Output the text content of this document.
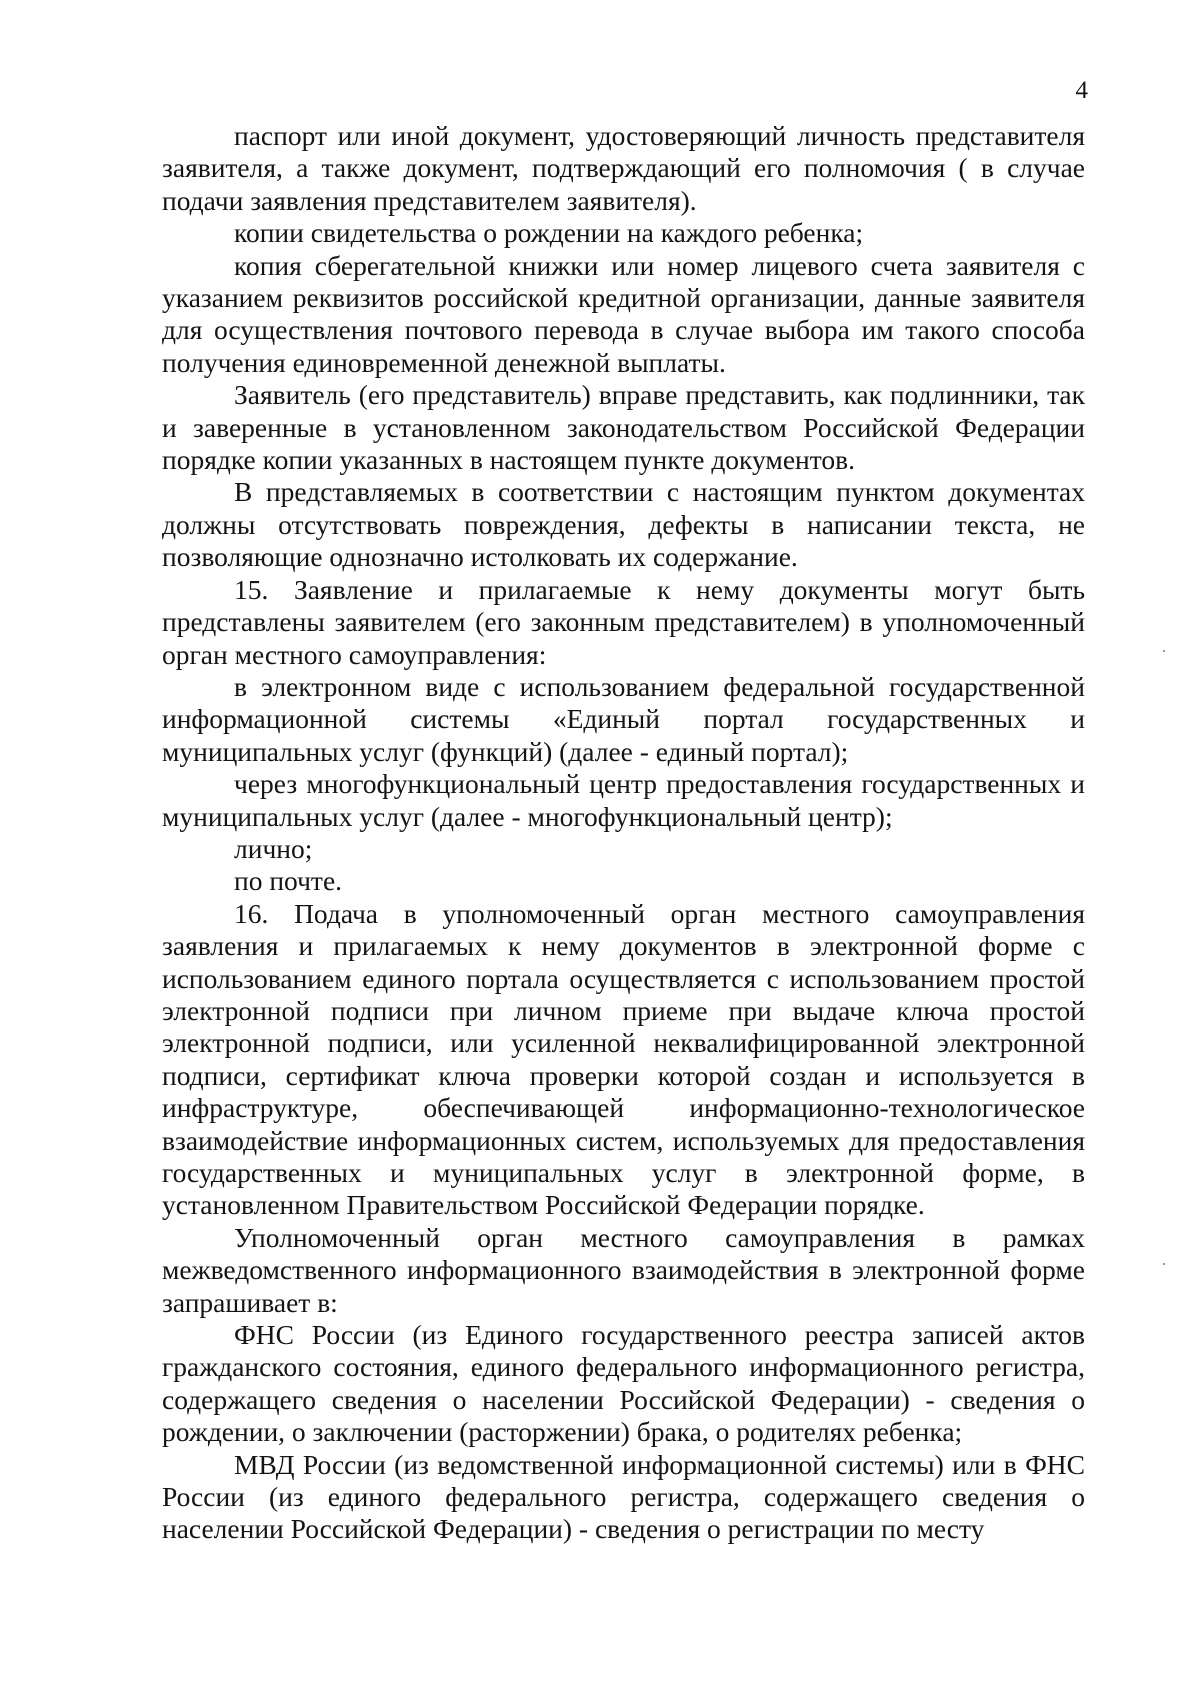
4

паспорт или иной документ, удостоверяющий личность представителя заявителя, а также документ, подтверждающий его полномочия ( в случае подачи заявления представителем заявителя).

копии свидетельства о рождении на каждого ребенка;

копия сберегательной книжки или номер лицевого счета заявителя с указанием реквизитов российской кредитной организации, данные заявителя для осуществления почтового перевода в случае выбора им такого способа получения единовременной денежной выплаты.

Заявитель (его представитель) вправе представить, как подлинники, так и заверенные в установленном законодательством Российской Федерации порядке копии указанных в настоящем пункте документов.

В представляемых в соответствии с настоящим пунктом документах должны отсутствовать повреждения, дефекты в написании текста, не позволяющие однозначно истолковать их содержание.

15. Заявление и прилагаемые к нему документы могут быть представлены заявителем (его законным представителем) в уполномоченный орган местного самоуправления:

в электронном виде с использованием федеральной государственной информационной системы «Единый портал государственных и муниципальных услуг (функций) (далее - единый портал);

через многофункциональный центр предоставления государственных и муниципальных услуг (далее - многофункциональный центр);

лично;

по почте.

16. Подача в уполномоченный орган местного самоуправления заявления и прилагаемых к нему документов в электронной форме с использованием единого портала осуществляется с использованием простой электронной подписи при личном приеме при выдаче ключа простой электронной подписи, или усиленной неквалифицированной электронной подписи, сертификат ключа проверки которой создан и используется в инфраструктуре, обеспечивающей информационно-технологическое взаимодействие информационных систем, используемых для предоставления государственных и муниципальных услуг в электронной форме, в установленном Правительством Российской Федерации порядке.

Уполномоченный орган местного самоуправления в рамках межведомственного информационного взаимодействия в электронной форме запрашивает в:

ФНС России (из Единого государственного реестра записей актов гражданского состояния, единого федерального информационного регистра, содержащего сведения о населении Российской Федерации) - сведения о рождении, о заключении (расторжении) брака, о родителях ребенка;

МВД России (из ведомственной информационной системы) или в ФНС России (из единого федерального регистра, содержащего сведения о населении Российской Федерации) - сведения о регистрации по месту
